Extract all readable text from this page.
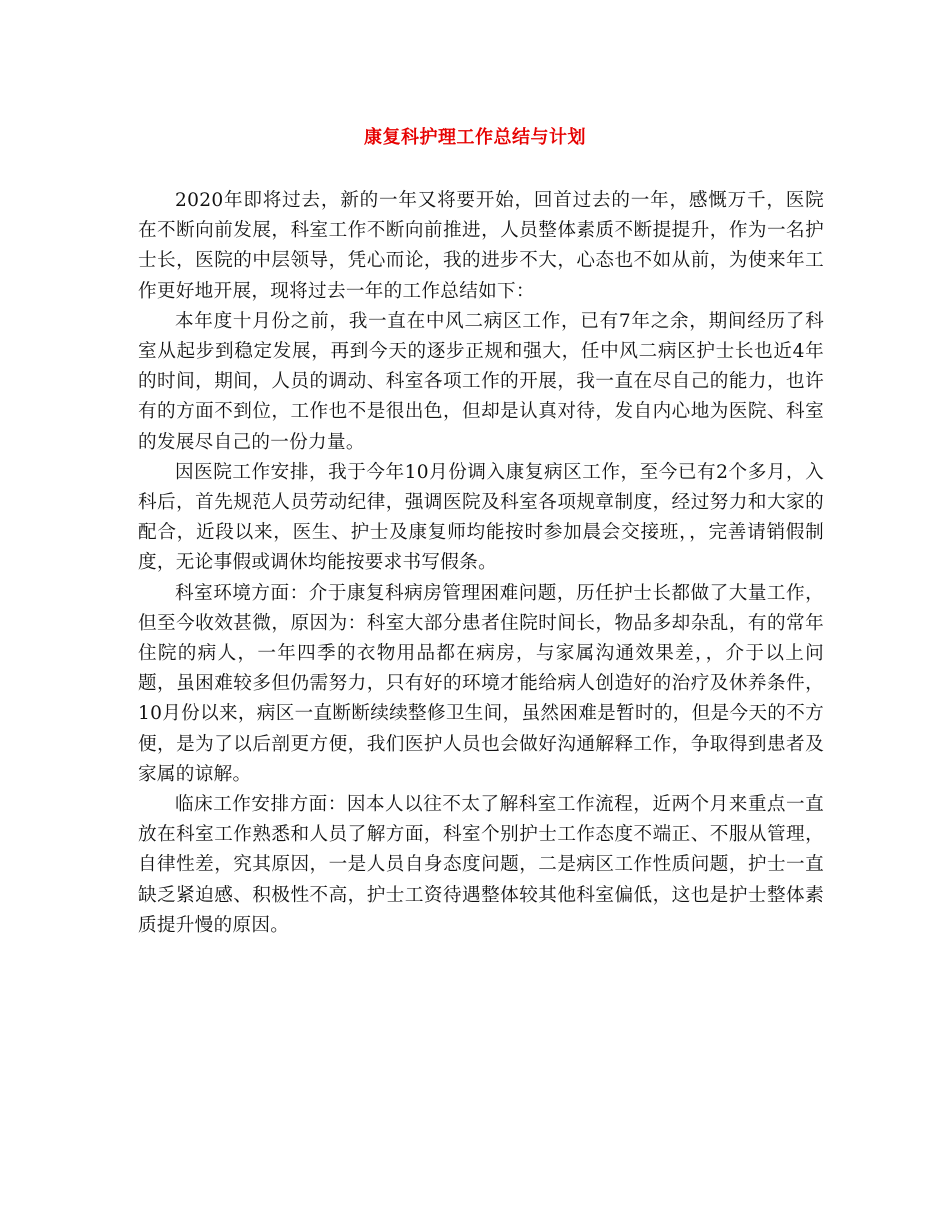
康复科护理工作总结与计划

2020年即将过去，新的一年又将要开始，回首过去的一年，感慨万千，医院在不断向前发展，科室工作不断向前推进，人员整体素质不断提提升，作为一名护士长，医院的中层领导，凭心而论，我的进步不大，心态也不如从前，为使来年工作更好地开展，现将过去一年的工作总结如下：

本年度十月份之前，我一直在中风二病区工作，已有7年之余，期间经历了科室从起步到稳定发展，再到今天的逐步正规和强大，任中风二病区护士长也近4年的时间，期间，人员的调动、科室各项工作的开展，我一直在尽自己的能力，也许有的方面不到位，工作也不是很出色，但却是认真对待，发自内心地为医院、科室的发展尽自己的一份力量。

因医院工作安排，我于今年10月份调入康复病区工作，至今已有2个多月，入科后，首先规范人员劳动纪律，强调医院及科室各项规章制度，经过努力和大家的配合，近段以来，医生、护士及康复师均能按时参加晨会交接班，，完善请销假制度，无论事假或调休均能按要求书写假条。

科室环境方面：介于康复科病房管理困难问题，历任护士长都做了大量工作，但至今收效甚微，原因为：科室大部分患者住院时间长，物品多却杂乱，有的常年住院的病人，一年四季的衣物用品都在病房，与家属沟通效果差，，介于以上问题，虽困难较多但仍需努力，只有好的环境才能给病人创造好的治疗及休养条件，10月份以来，病区一直断断续续整修卫生间，虽然困难是暂时的，但是今天的不方便，是为了以后剖更方便，我们医护人员也会做好沟通解释工作，争取得到患者及家属的谅解。

临床工作安排方面：因本人以往不太了解科室工作流程，近两个月来重点一直放在科室工作熟悉和人员了解方面，科室个别护士工作态度不端正、不服从管理，自律性差，究其原因，一是人员自身态度问题，二是病区工作性质问题，护士一直缺乏紧迫感、积极性不高，护士工资待遇整体较其他科室偏低，这也是护士整体素质提升慢的原因。
